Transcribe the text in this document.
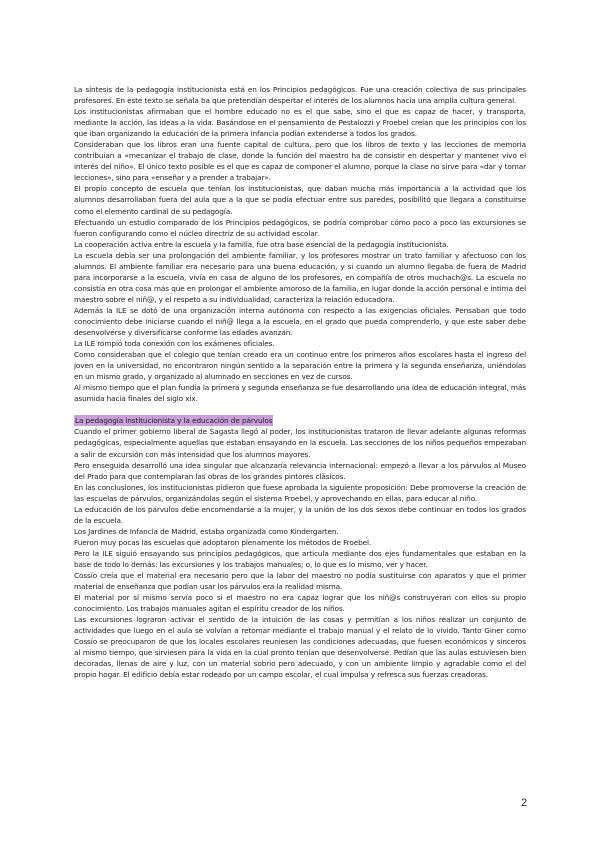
La síntesis de la pedagogía institucionista está en los Principios pedagógicos. Fue una creación colectiva de sus principales profesores. En este texto se señala ba que pretendían despertar el interés de los alumnos hacia una amplia cultura general.

Los institucionistas afirmaban que el hombre educado no es el que sabe, sino el que es capaz de hacer, y transporta, mediante la acción, las ideas a la vida. Basándose en el pensamiento de Pestalozzi y Froebel creían que los principios con los que iban organizando la educación de la primera infancia podían extenderse a todos los grados.

Consideraban que los libros eran una fuente capital de cultura, pero que los libros de texto y las lecciones de memoria contribuían a «mecanizar el trabajo de clase, donde la función del maestro ha de consistir en despertar y mantener vivo el interés del niño». El único texto posible es el que es capaz de componer el alumno, porque la clase no sirve para «dar y tomar lecciones», sino para «enseñar y a prender a trabajar».

El propio concepto de escuela que tenían los institucionistas, que daban mucha más importancia a la actividad que los alumnos desarrollaban fuera del aula que a la que se podía efectuar entre sus paredes, posibilitó que llegara a constituirse como el elemento cardinal de su pedagogía.

Efectuando un estudio comparado de los Principios pedagógicos, se podría comprobar cómo poco a poco las excursiones se fueron configurando como el núcleo directriz de su actividad escolar.

La cooperación activa entre la escuela y la familia, fue otra base esencial de la pedagogía institucionista.

La escuela debía ser una prolongación del ambiente familiar, y los profesores mostrar un trato familiar y afectuoso con los alumnos. El ambiente familiar era necesario para una buena educación, y si cuando un alumno llegaba de fuera de Madrid para incorporarse a la escuela, vivía en casa de alguno de los profesores, en compañía de otros muchach@s. La escuela no consistía en otra cosa más que en prolongar el ambiente amoroso de la familia, en lugar donde la acción personal e íntima del maestro sobre el niñ@, y el respeto a su individualidad, caracteriza la relación educadora.

Además la ILE se dotó de una organización interna autónoma con respecto a las exigencias oficiales. Pensaban que todo conocimiento debe iniciarse cuando el niñ@ llega a la escuela, en el grado que pueda comprenderlo, y que este saber debe desenvolverse y diversificarse conforme las edades avanzan.

La ILE rompió toda conexión con los exámenes oficiales.

Como consideraban que el colegio que tenían creado era un continuo entre los primeros años escolares hasta el ingreso del joven en la universidad, no encontraron ningún sentido a la separación entre la primera y la segunda enseñanza, uniéndolas en un mismo grado, y organizado al alumnado en secciones en vez de cursos.

Al mismo tiempo que el plan fundía la primera y segunda enseñanza se fue desarrollando una idea de educación integral, más asumida hacia finales del siglo xix.

La pedagogía institucionista y la educación de párvulos

Cuando el primer gobierno liberal de Sagasta llegó al poder, los institucionistas trataron de llevar adelante algunas reformas pedagógicas, especialmente aquellas que estaban ensayando en la escuela. Las secciones de los niños pequeños empezaban a salir de excursión con más intensidad que los alumnos mayores.

Pero enseguida desarrolló una idea singular que alcanzaría relevancia internacional: empezó a llevar a los párvulos al Museo del Prado para que contemplaran las obras de los grandes pintores clásicos.

En las conclusiones, los institucionistas pidieron que fuese aprobada la siguiente proposición: Debe promoverse la creación de las escuelas de párvulos, organizándolas según el sistema Froebel, y aprovechando en ellas, para educar al niño.

La educación de los párvulos debe encomendarse a la mujer, y la unión de los dos sexos debe continuar en todos los grados de la escuela.

Los Jardines de Infancia de Madrid, estaba organizada como Kindergarten.

Fueron muy pocas las escuelas que adoptaron plenamente los métodos de Froebel.

Pero la ILE siguió ensayando sus principios pedagógicos, que articula mediante dos ejes fundamentales que estaban en la base de todo lo demás: las excursiones y los trabajos manuales; o, lo que es lo mismo, ver y hacer.

Cossío creía que el material era necesario pero que la labor del maestro no podía sustituirse con aparatos y que el primer material de enseñanza que podían usar los párvulos era la realidad misma.

El material por sí mismo servía poco si el maestro no era capaz lograr que los niñ@s construyeran con ellos su propio conocimiento. Los trabajos manuales agitan el espíritu creador de los niños.

Las excursiones lograron activar el sentido de la intuición de las cosas y permitían a los niños realizar un conjunto de actividades que luego en el aula se volvían a retomar mediante el trabajo manual y el relato de lo vivido. Tanto Giner como Cossío se preocuparon de que los locales escolares reuniesen las condiciones adecuadas, que fuesen económicos y sinceros al mismo tiempo, que sirviesen para la vida en la cual pronto tenían que desenvolverse. Pedían que las aulas estuviesen bien decoradas, llenas de aire y luz, con un material sobrio pero adecuado, y con un ambiente limpio y agradable como el del propio hogar. El edificio debía estar rodeado por un campo escolar, el cual impulsa y refresca sus fuerzas creadoras.

2
